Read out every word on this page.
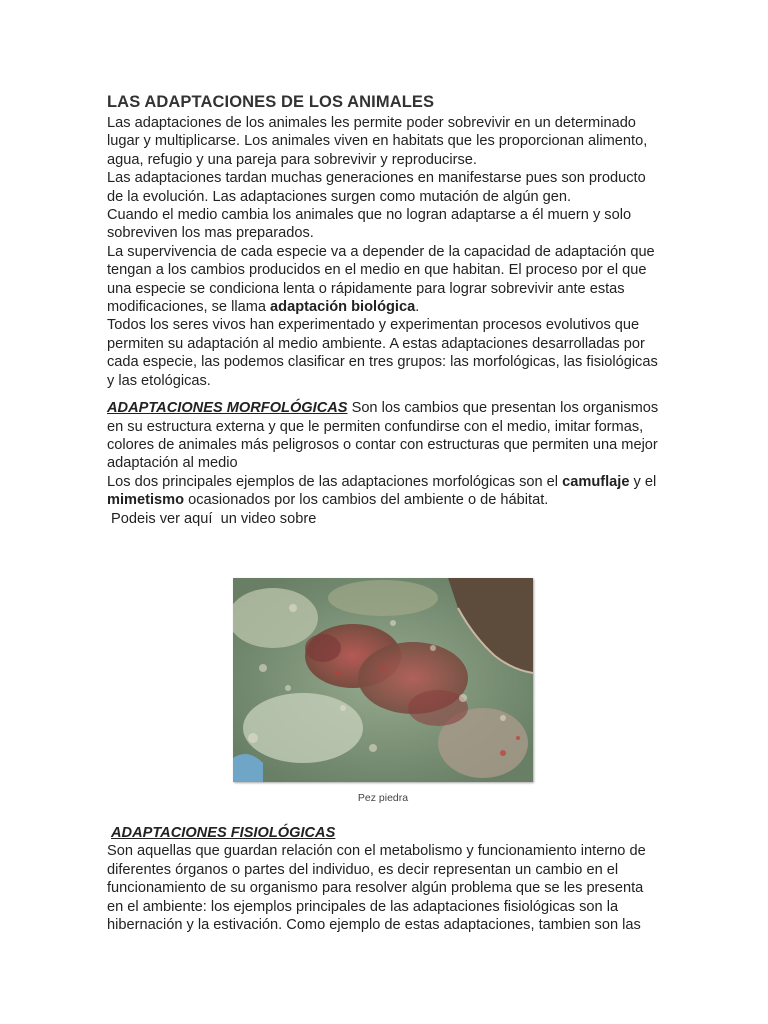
LAS ADAPTACIONES DE LOS ANIMALES

Las adaptaciones de los animales les permite poder sobrevivir en un determinado lugar y multiplicarse. Los animales viven en habitats que les proporcionan alimento, agua, refugio y una pareja para sobrevivir y reproducirse.

Las adaptaciones tardan muchas generaciones en manifestarse pues son producto de la evolución. Las adaptaciones surgen como mutación de algún gen.

Cuando el medio cambia los animales que no logran adaptarse a él muern y solo sobreviven los mas preparados.

La supervivencia de cada especie va a depender de la capacidad de adaptación que tengan a los cambios producidos en el medio en que habitan. El proceso por el que una especie se condiciona lenta o rápidamente para lograr sobrevivir ante estas modificaciones, se llama adaptación biológica.

Todos los seres vivos han experimentado y experimentan procesos evolutivos que permiten su adaptación al medio ambiente. A estas adaptaciones desarrolladas por cada especie, las podemos clasificar en tres grupos: las morfológicas, las fisiológicas y las etológicas.

ADAPTACIONES MORFOLÓGICAS Son los cambios que presentan los organismos en su estructura externa y que le permiten confundirse con el medio, imitar formas, colores de animales más peligrosos o contar con estructuras que permiten una mejor adaptación al medio

Los dos principales ejemplos de las adaptaciones morfológicas son el camuflaje y el mimetismo ocasionados por los cambios del ambiente o de hábitat.

Podeis ver aquí  un video sobre

Pez piedra
ADAPTACIONES FISIOLÓGICAS

Son aquellas que guardan relación con el metabolismo y funcionamiento interno de diferentes órganos o partes del individuo, es decir representan un cambio en el funcionamiento de su organismo para resolver algún problema que se les presenta en el ambiente: los ejemplos principales de las adaptaciones fisiológicas son la hibernación y la estivación. Como ejemplo de estas adaptaciones, tambien son las
